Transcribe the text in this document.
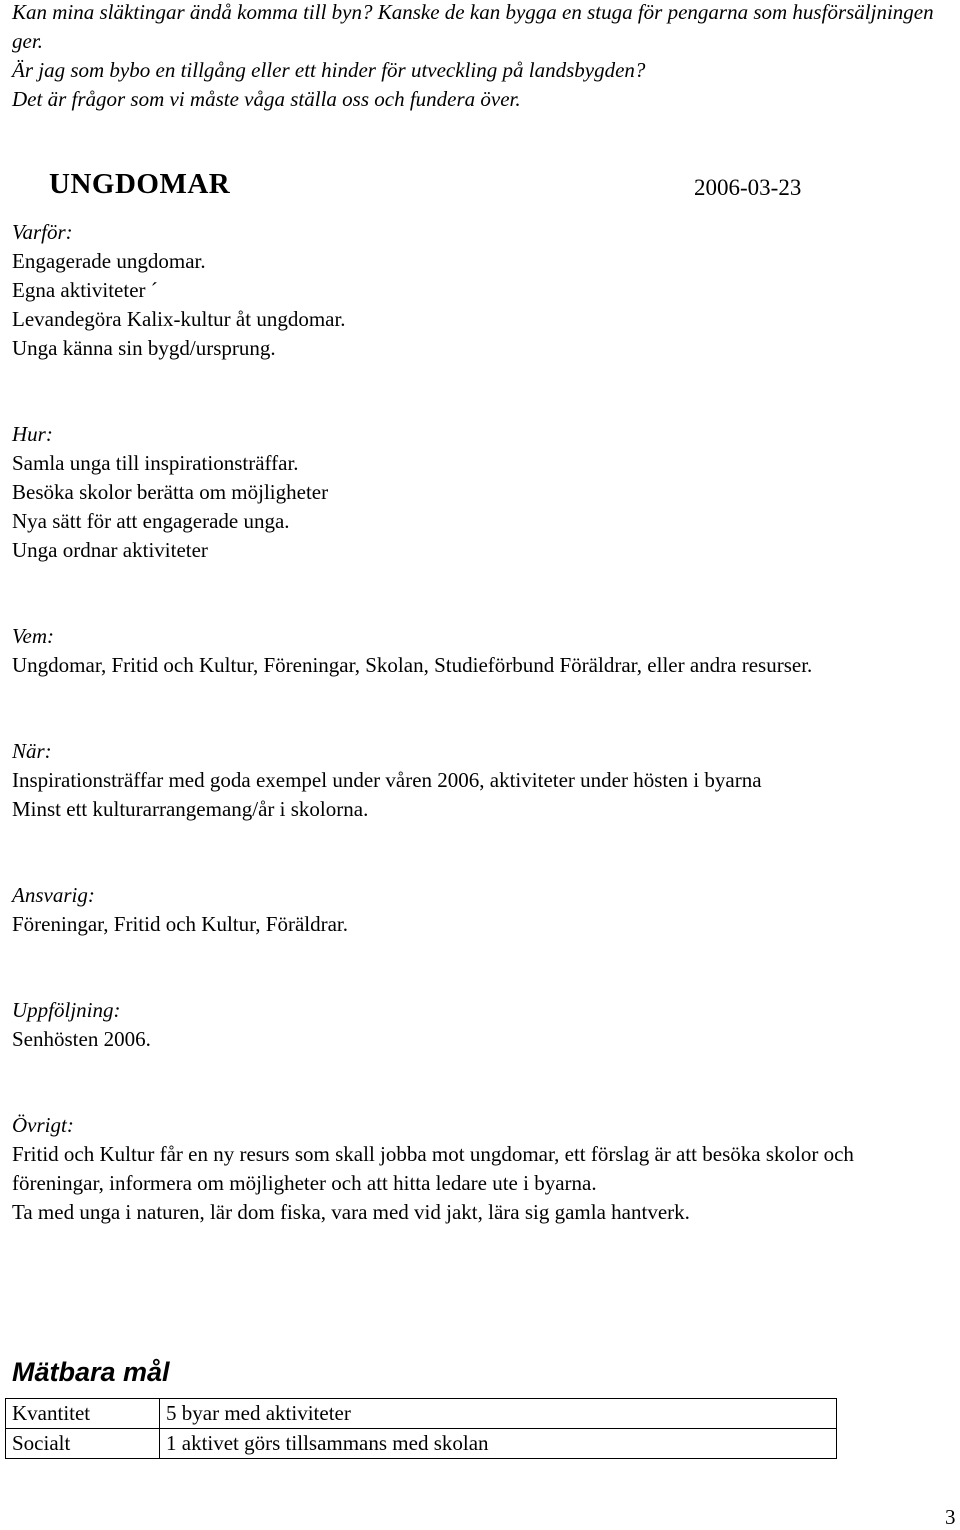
Kan mina släktingar ändå komma till byn? Kanske de kan bygga en stuga för pengarna som husförsäljningen ger.
Är jag som bybo en tillgång eller ett hinder för utveckling på landsbygden?
Det är frågor som vi måste våga ställa oss och fundera över.
UNGDOMAR	2006-03-23
Varför:
Engagerade ungdomar.
Egna aktiviteter ´
Levandegöra Kalix-kultur åt ungdomar.
Unga känna sin bygd/ursprung.
Hur:
Samla unga till inspirationsträffar.
Besöka skolor berätta om möjligheter
Nya sätt för att engagerade unga.
Unga ordnar aktiviteter
Vem:
Ungdomar, Fritid och Kultur, Föreningar, Skolan, Studieförbund Föräldrar, eller andra resurser.
När:
Inspirationsträffar med goda exempel under våren 2006, aktiviteter under hösten i byarna
Minst ett kulturarrangemang/år i skolorna.
Ansvarig:
Föreningar, Fritid och Kultur, Föräldrar.
Uppföljning:
Senhösten 2006.
Övrigt:
Fritid och Kultur får en ny resurs som skall jobba mot ungdomar, ett förslag är att besöka skolor och föreningar, informera om möjligheter och att hitta ledare ute i byarna.
Ta med unga i naturen, lär dom fiska, vara med vid jakt, lära sig gamla hantverk.
Mätbara mål
Kvantitet	5 byar med aktiviteter
Socialt	1 aktivet görs tillsammans med skolan
3
